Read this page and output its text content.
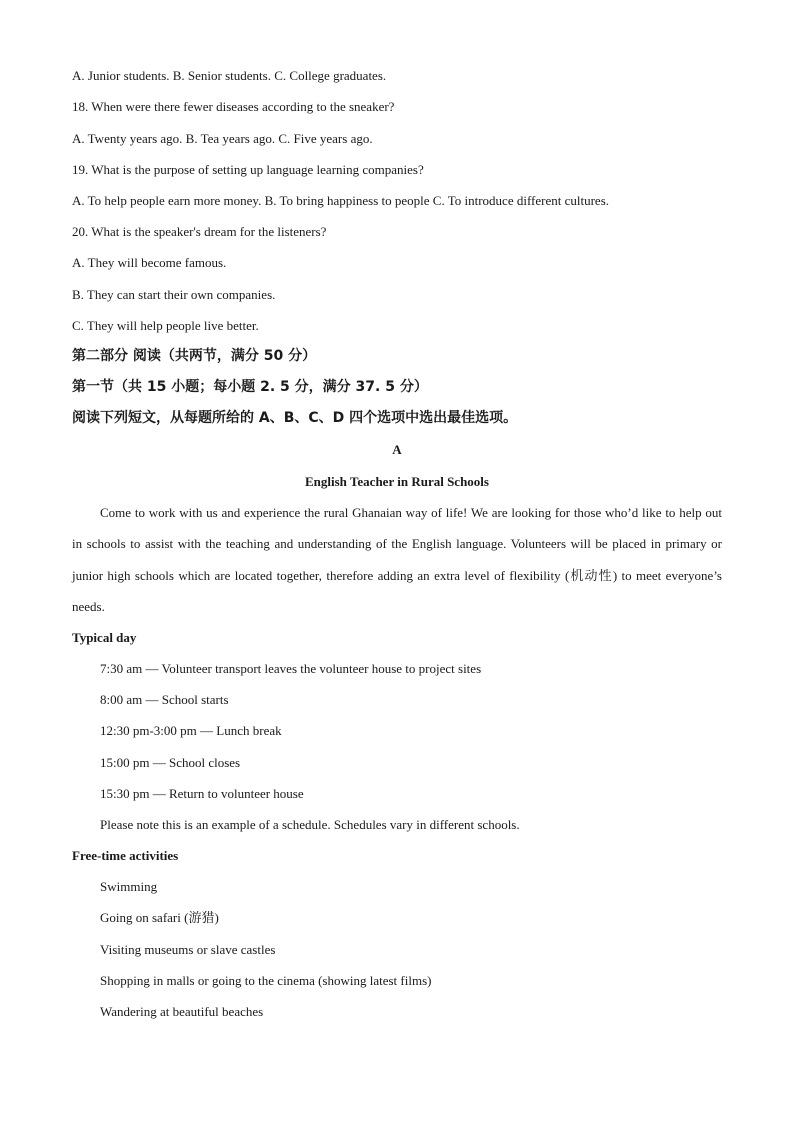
A. Junior students. B. Senior students. C. College graduates.
18. When were there fewer diseases according to the sneaker?
A. Twenty years ago. B. Tea years ago. C. Five years ago.
19. What is the purpose of setting up language learning companies?
A. To help people earn more money. B. To bring happiness to people C. To introduce different cultures.
20. What is the speaker's dream for the listeners?
A. They will become famous.
B. They can start their own companies.
C. They will help people live better.
第二部分 阅读（共两节，满分 50 分）
第一节（共 15 小题；每小题 2. 5 分，满分 37. 5 分）
阅读下列短文，从每题所给的 A、B、C、D 四个选项中选出最佳选项。
A
English Teacher in Rural Schools
Come to work with us and experience the rural Ghanaian way of life! We are looking for those who’d like to help out in schools to assist with the teaching and understanding of the English language. Volunteers will be placed in primary or junior high schools which are located together, therefore adding an extra level of flexibility (机动性) to meet everyone’s needs.
Typical day
7:30 am — Volunteer transport leaves the volunteer house to project sites
8:00 am — School starts
12:30 pm-3:00 pm — Lunch break
15:00 pm — School closes
15:30 pm — Return to volunteer house
Please note this is an example of a schedule. Schedules vary in different schools.
Free-time activities
Swimming
Going on safari (游猎)
Visiting museums or slave castles
Shopping in malls or going to the cinema (showing latest films)
Wandering at beautiful beaches
